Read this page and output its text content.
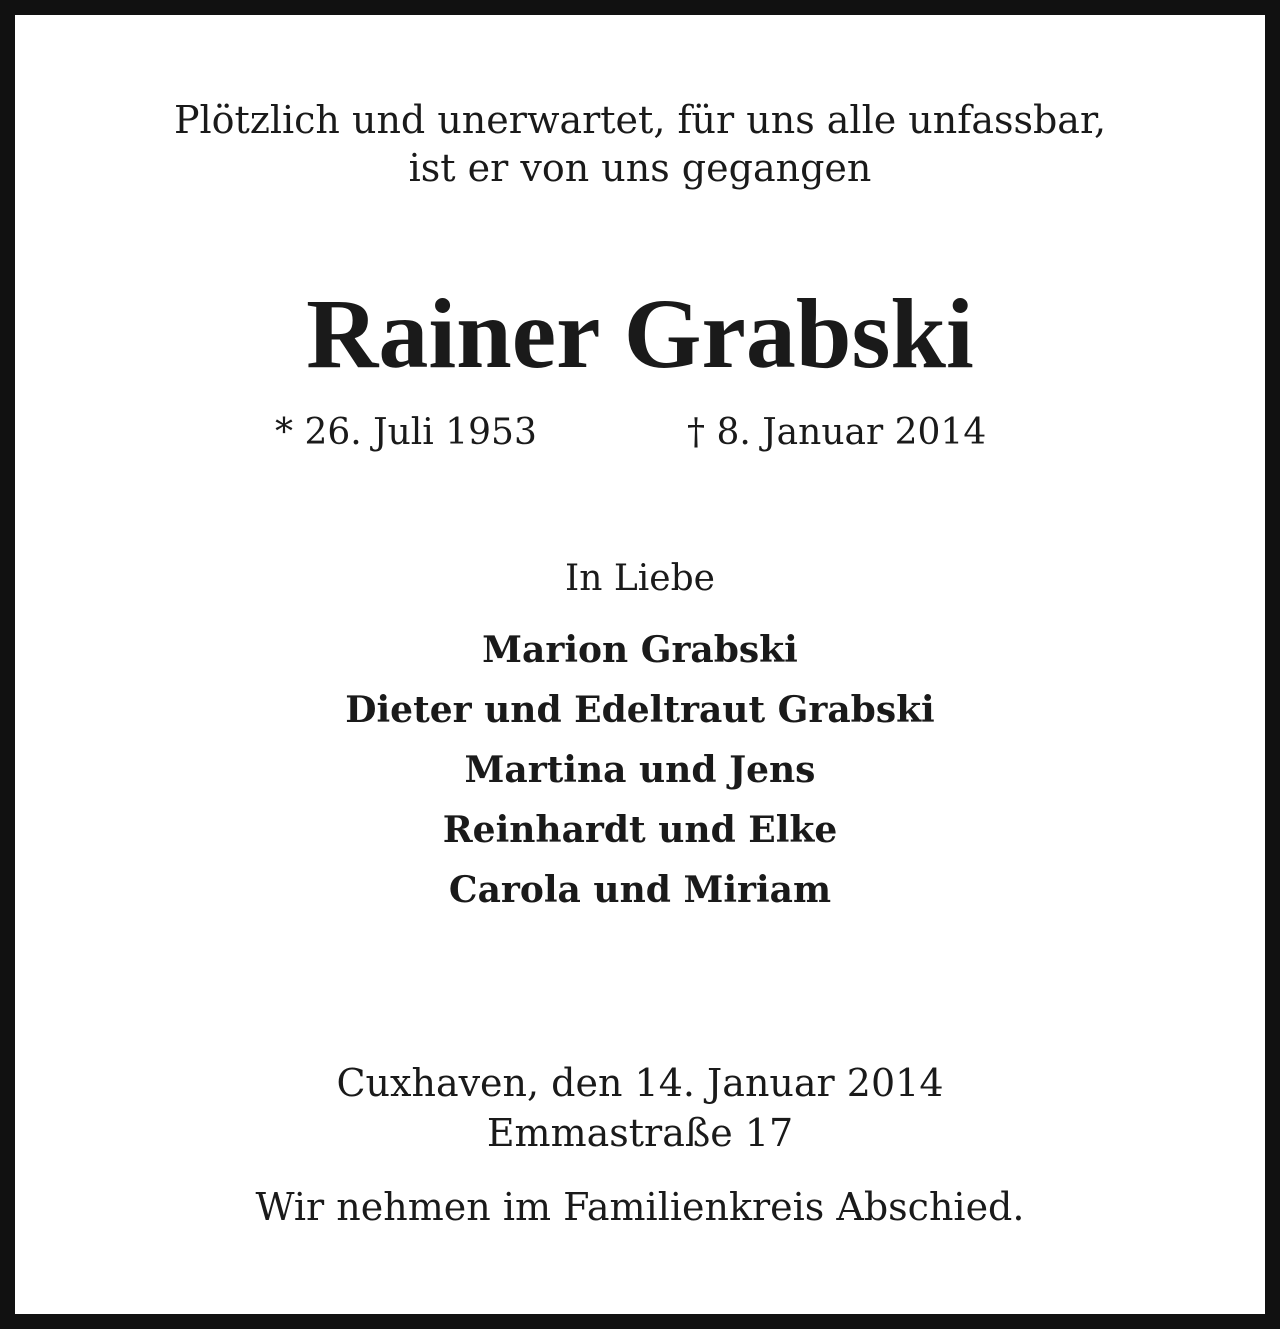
Plötzlich und unerwartet, für uns alle unfassbar,
ist er von uns gegangen
Rainer Grabski
* 26. Juli 1953	† 8. Januar 2014
In Liebe
Marion Grabski
Dieter und Edeltraut Grabski
Martina und Jens
Reinhardt und Elke
Carola und Miriam
Cuxhaven, den 14. Januar 2014
Emmastraße 17
Wir nehmen im Familienkreis Abschied.
